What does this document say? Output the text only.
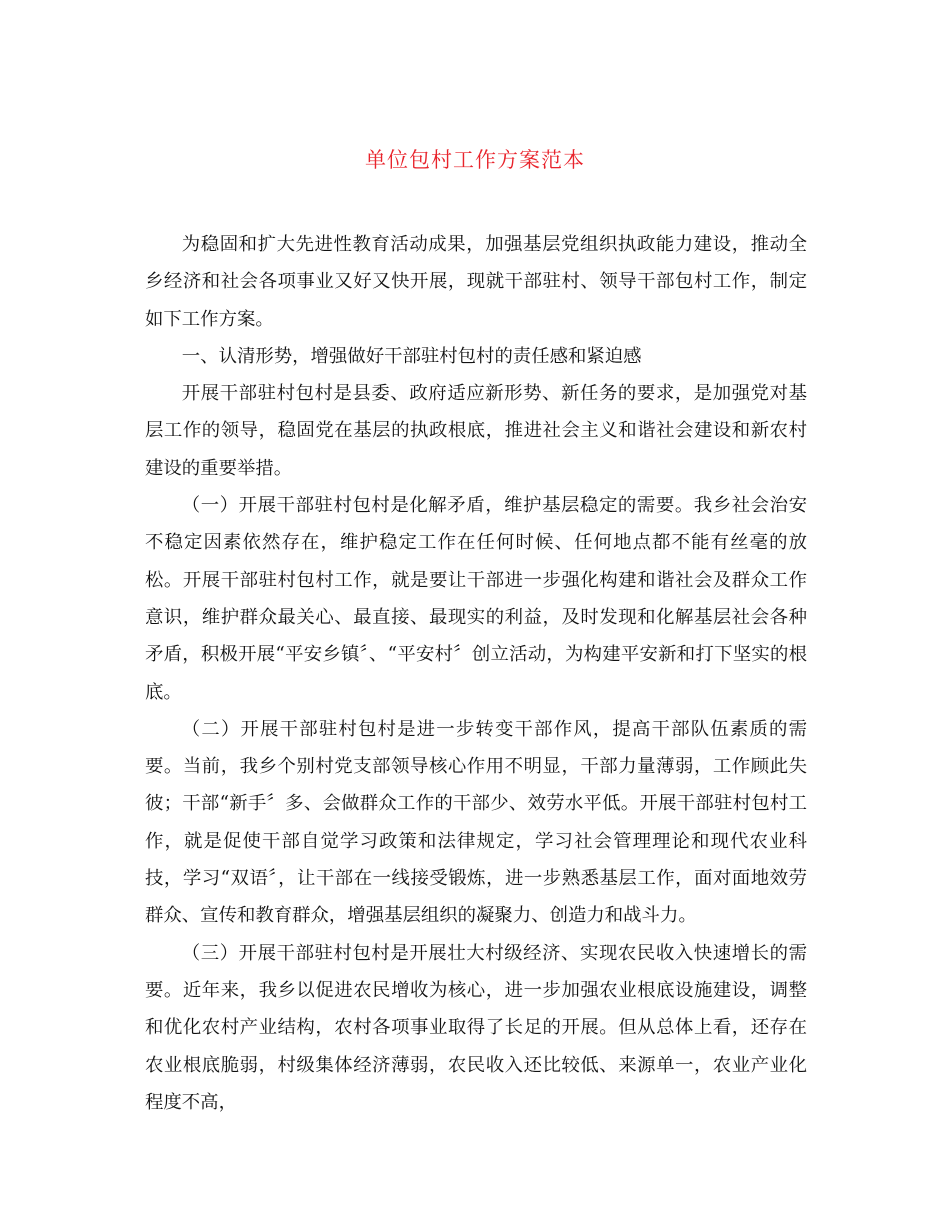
单位包村工作方案范本

为稳固和扩大先进性教育活动成果，加强基层党组织执政能力建设，推动全乡经济和社会各项事业又好又快开展，现就干部驻村、领导干部包村工作，制定如下工作方案。

一、认清形势，增强做好干部驻村包村的责任感和紧迫感

开展干部驻村包村是县委、政府适应新形势、新任务的要求，是加强党对基层工作的领导，稳固党在基层的执政根底，推进社会主义和谐社会建设和新农村建设的重要举措。

（一）开展干部驻村包村是化解矛盾，维护基层稳定的需要。我乡社会治安不稳定因素依然存在，维护稳定工作在任何时候、任何地点都不能有丝毫的放松。开展干部驻村包村工作，就是要让干部进一步强化构建和谐社会及群众工作意识，维护群众最关心、最直接、最现实的利益，及时发现和化解基层社会各种矛盾，积极开展“平安乡镇〞、“平安村〞创立活动，为构建平安新和打下坚实的根底。

（二）开展干部驻村包村是进一步转变干部作风，提高干部队伍素质的需要。当前，我乡个别村党支部领导核心作用不明显，干部力量薄弱，工作顾此失彼；干部“新手〞多、会做群众工作的干部少、效劳水平低。开展干部驻村包村工作，就是促使干部自觉学习政策和法律规定，学习社会管理理论和现代农业科技，学习“双语〞，让干部在一线接受锻炼，进一步熟悉基层工作，面对面地效劳群众、宣传和教育群众，增强基层组织的凝聚力、创造力和战斗力。

（三）开展干部驻村包村是开展壮大村级经济、实现农民收入快速增长的需要。近年来，我乡以促进农民增收为核心，进一步加强农业根底设施建设，调整和优化农村产业结构，农村各项事业取得了长足的开展。但从总体上看，还存在农业根底脆弱，村级集体经济薄弱，农民收入还比较低、来源单一，农业产业化程度不高，
